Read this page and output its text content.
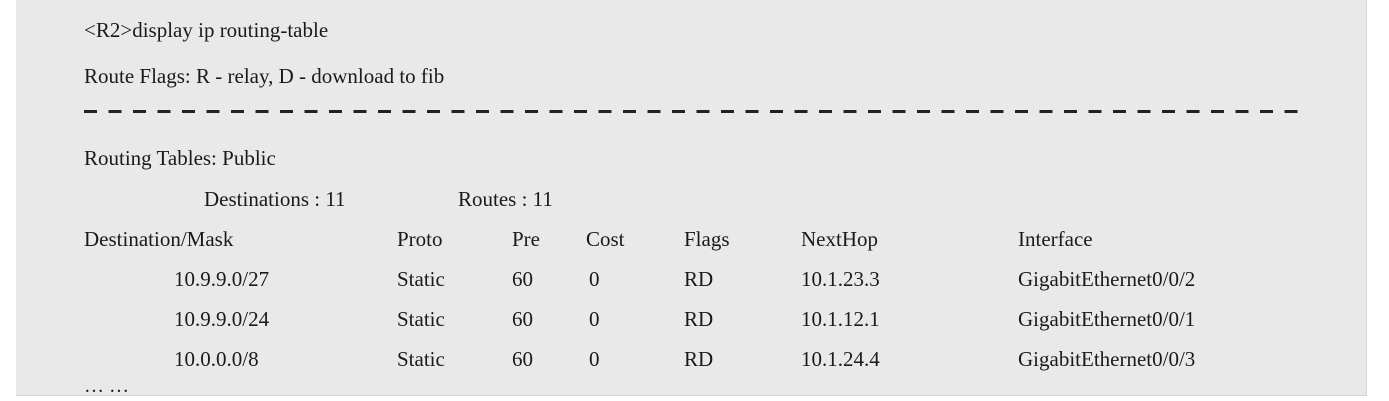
<R2>display ip routing-table
Route Flags: R - relay, D - download to fib
Routing Tables: Public
Destinations : 11	Routes : 11
Destination/Mask	Proto	Pre Cost	Flags	NextHop	Interface
10.9.9.0/27	Static	60	0	RD	10.1.23.3	GigabitEthernet0/0/2
10.9.9.0/24	Static	60	0	RD	10.1.12.1	GigabitEthernet0/0/1
10.0.0.0/8	Static	60	0	RD	10.1.24.4	GigabitEthernet0/0/3
… …
